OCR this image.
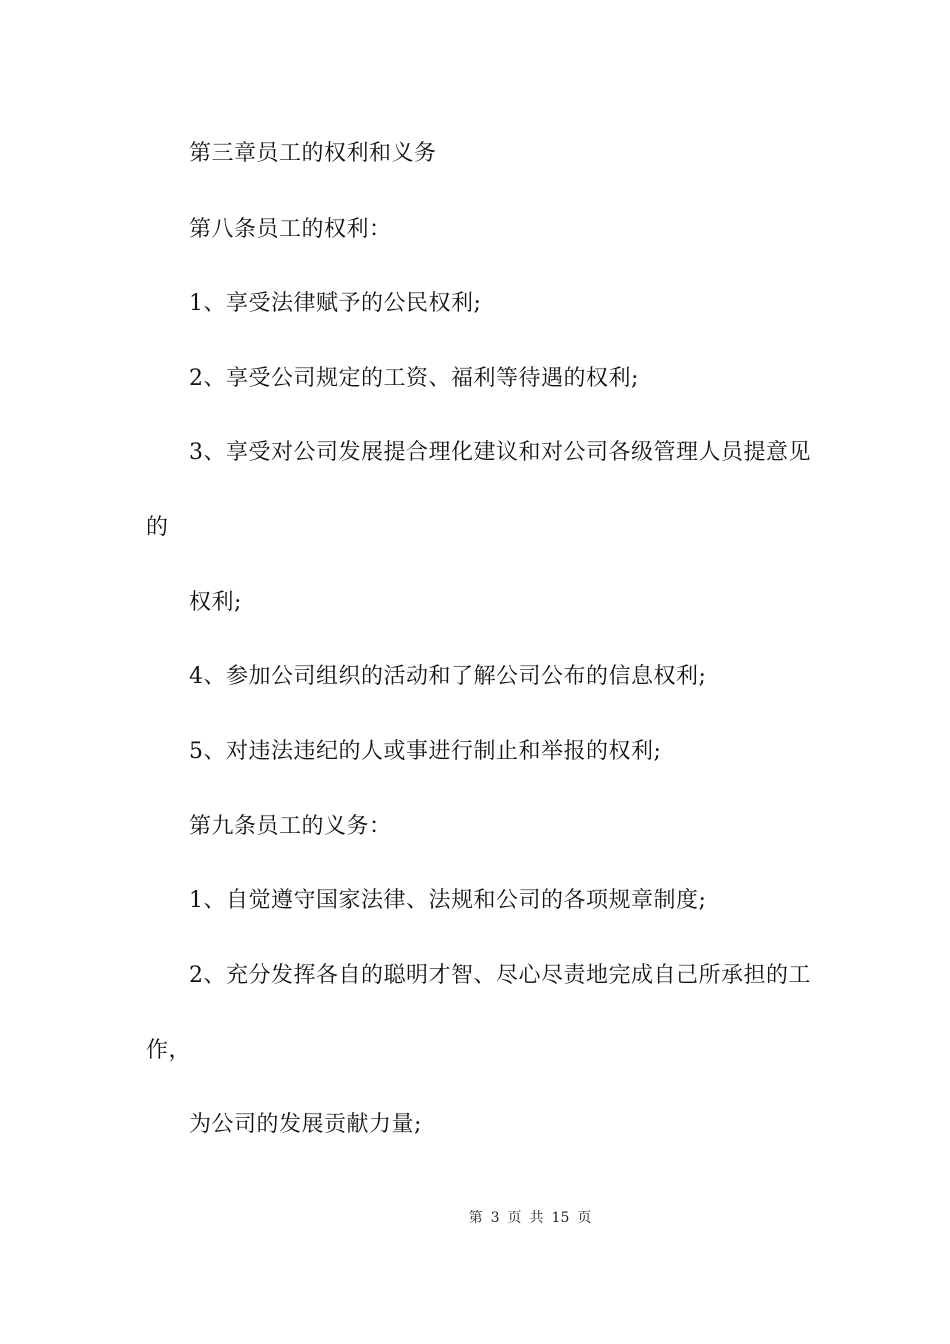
第三章员工的权利和义务
第八条员工的权利：
1、享受法律赋予的公民权利;
2、享受公司规定的工资、福利等待遇的权利;
3、享受对公司发展提合理化建议和对公司各级管理人员提意见
的
权利;
4、参加公司组织的活动和了解公司公布的信息权利;
5、对违法违纪的人或事进行制止和举报的权利;
第九条员工的义务：
1、自觉遵守国家法律、法规和公司的各项规章制度;
2、充分发挥各自的聪明才智、尽心尽责地完成自己所承担的工
作，
为公司的发展贡献力量;
第 3 页 共 15 页
